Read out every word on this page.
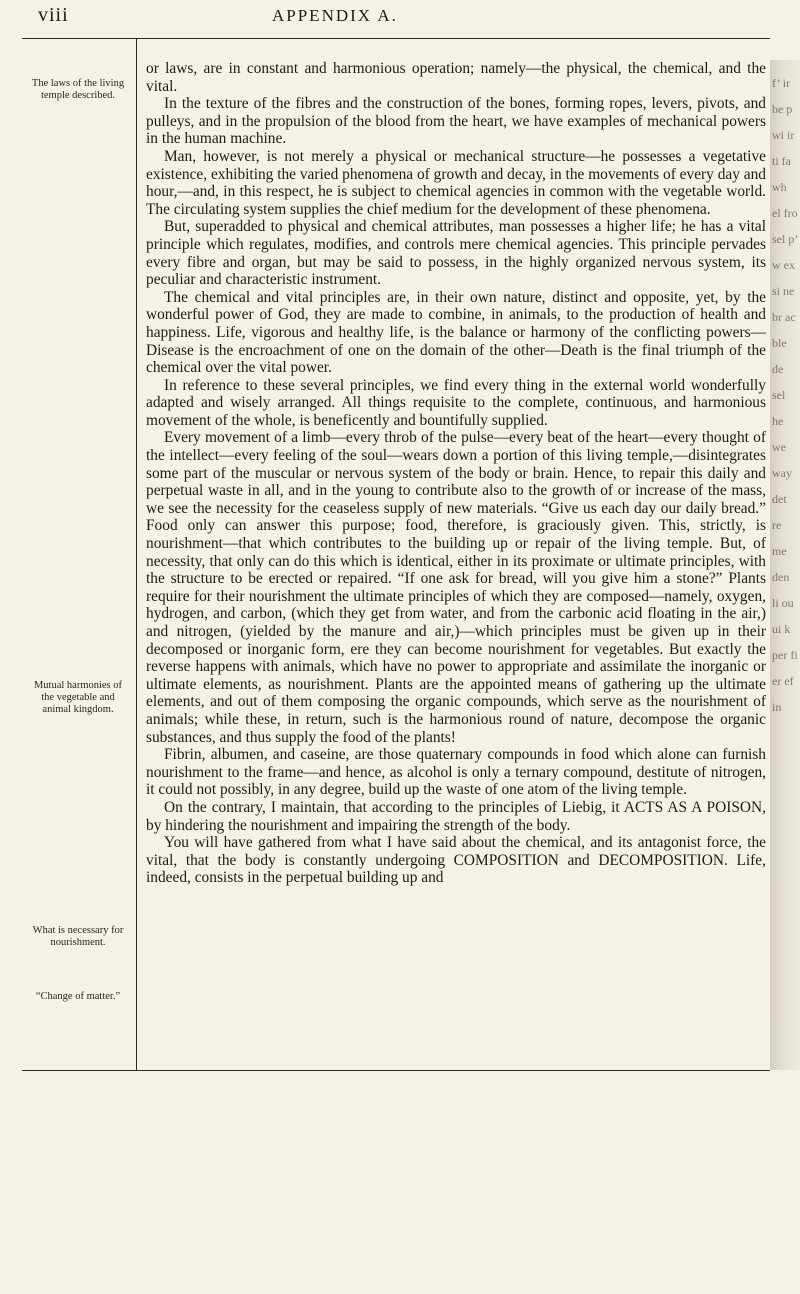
viii	APPENDIX A.
The laws of the living temple described.
Mutual harmonies of the vegetable and animal kingdom.
What is necessary for nourishment.
“Change of matter.”

or laws, are in constant and harmonious operation; namely—the physical, the chemical, and the vital.

In the texture of the fibres and the construction of the bones, forming ropes, levers, pivots, and pulleys, and in the propulsion of the blood from the heart, we have examples of mechanical powers in the human machine.

Man, however, is not merely a physical or mechanical structure—he possesses a vegetative existence, exhibiting the varied phenomena of growth and decay, in the movements of every day and hour,—and, in this respect, he is subject to chemical agencies in common with the vegetable world. The circulating system supplies the chief medium for the development of these phenomena.

But, superadded to physical and chemical attributes, man possesses a higher life; he has a vital principle which regulates, modifies, and controls mere chemical agencies. This principle pervades every fibre and organ, but may be said to possess, in the highly organized nervous system, its peculiar and characteristic instrument.

The chemical and vital principles are, in their own nature, distinct and opposite, yet, by the wonderful power of God, they are made to combine, in animals, to the production of health and happiness. Life, vigorous and healthy life, is the balance or harmony of the conflicting powers—Disease is the encroachment of one on the domain of the other—Death is the final triumph of the chemical over the vital power.

In reference to these several principles, we find every thing in the external world wonderfully adapted and wisely arranged. All things requisite to the complete, continuous, and harmonious movement of the whole, is beneficently and bountifully supplied.

Every movement of a limb—every throb of the pulse—every beat of the heart—every thought of the intellect—every feeling of the soul—wears down a portion of this living temple,—disintegrates some part of the muscular or nervous system of the body or brain. Hence, to repair this daily and perpetual waste in all, and in the young to contribute also to the growth of or increase of the mass, we see the necessity for the ceaseless supply of new materials. “Give us each day our daily bread.” Food only can answer this purpose; food, therefore, is graciously given. This, strictly, is nourishment—that which contributes to the building up or repair of the living temple. But, of necessity, that only can do this which is identical, either in its proximate or ultimate principles, with the structure to be erected or repaired. “If one ask for bread, will you give him a stone?” Plants require for their nourishment the ultimate principles of which they are composed—namely, oxygen, hydrogen, and carbon, (which they get from water, and from the carbonic acid floating in the air,) and nitrogen, (yielded by the manure and air,)—which principles must be given up in their decomposed or inorganic form, ere they can become nourishment for vegetables. But exactly the reverse happens with animals, which have no power to appropriate and assimilate the inorganic or ultimate elements, as nourishment. Plants are the appointed means of gathering up the ultimate elements, and out of them composing the organic compounds, which serve as the nourishment of animals; while these, in return, such is the harmonious round of nature, decompose the organic substances, and thus supply the food of the plants!

Fibrin, albumen, and caseine, are those quaternary compounds in food which alone can furnish nourishment to the frame—and hence, as alcohol is only a ternary compound, destitute of nitrogen, it could not possibly, in any degree, build up the waste of one atom of the living temple.

On the contrary, I maintain, that according to the principles of Liebig, it ACTS AS A POISON, by hindering the nourishment and impairing the strength of the body.

You will have gathered from what I have said about the chemical, and its antagonist force, the vital, that the body is constantly undergoing COMPOSITION and DECOMPOSITION. Life, indeed, consists in the perpetual building up and

f’ ir be p wi ir ti fa wh el fro sel p’ w ex si ne br ac ble de sel he we way det re me den li ou ui k per fi er ef in
